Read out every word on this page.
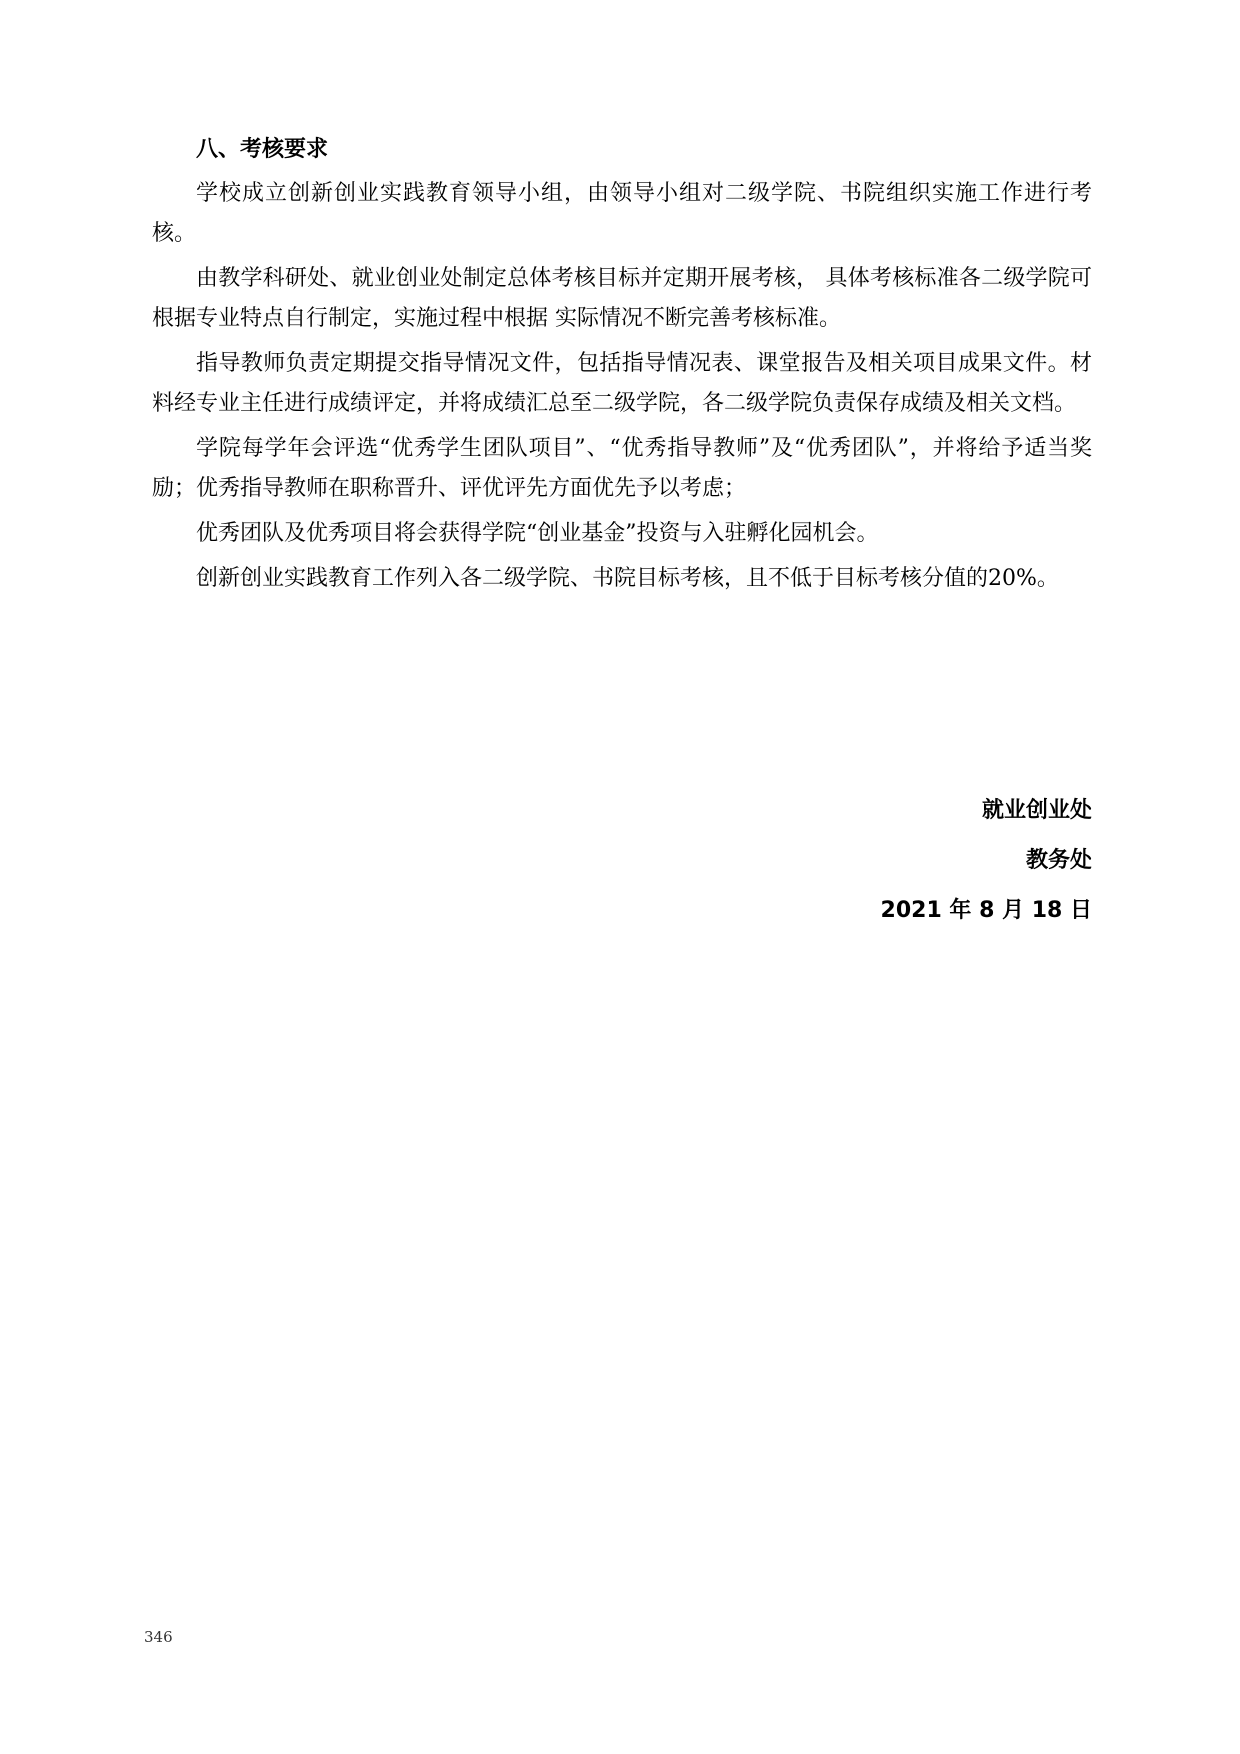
八、考核要求

学校成立创新创业实践教育领导小组，由领导小组对二级学院、书院组织实施工作进行考核。

由教学科研处、就业创业处制定总体考核目标并定期开展考核， 具体考核标准各二级学院可根据专业特点自行制定，实施过程中根据 实际情况不断完善考核标准。

指导教师负责定期提交指导情况文件，包括指导情况表、课堂报告及相关项目成果文件。材料经专业主任进行成绩评定，并将成绩汇总至二级学院，各二级学院负责保存成绩及相关文档。

学院每学年会评选“优秀学生团队项目”、“优秀指导教师”及“优秀团队”，并将给予适当奖励；优秀指导教师在职称晋升、评优评先方面优先予以考虑；

优秀团队及优秀项目将会获得学院“创业基金”投资与入驻孵化园机会。

创新创业实践教育工作列入各二级学院、书院目标考核，且不低于目标考核分值的20%。

就业创业处
教务处
2021 年 8 月 18 日
346
